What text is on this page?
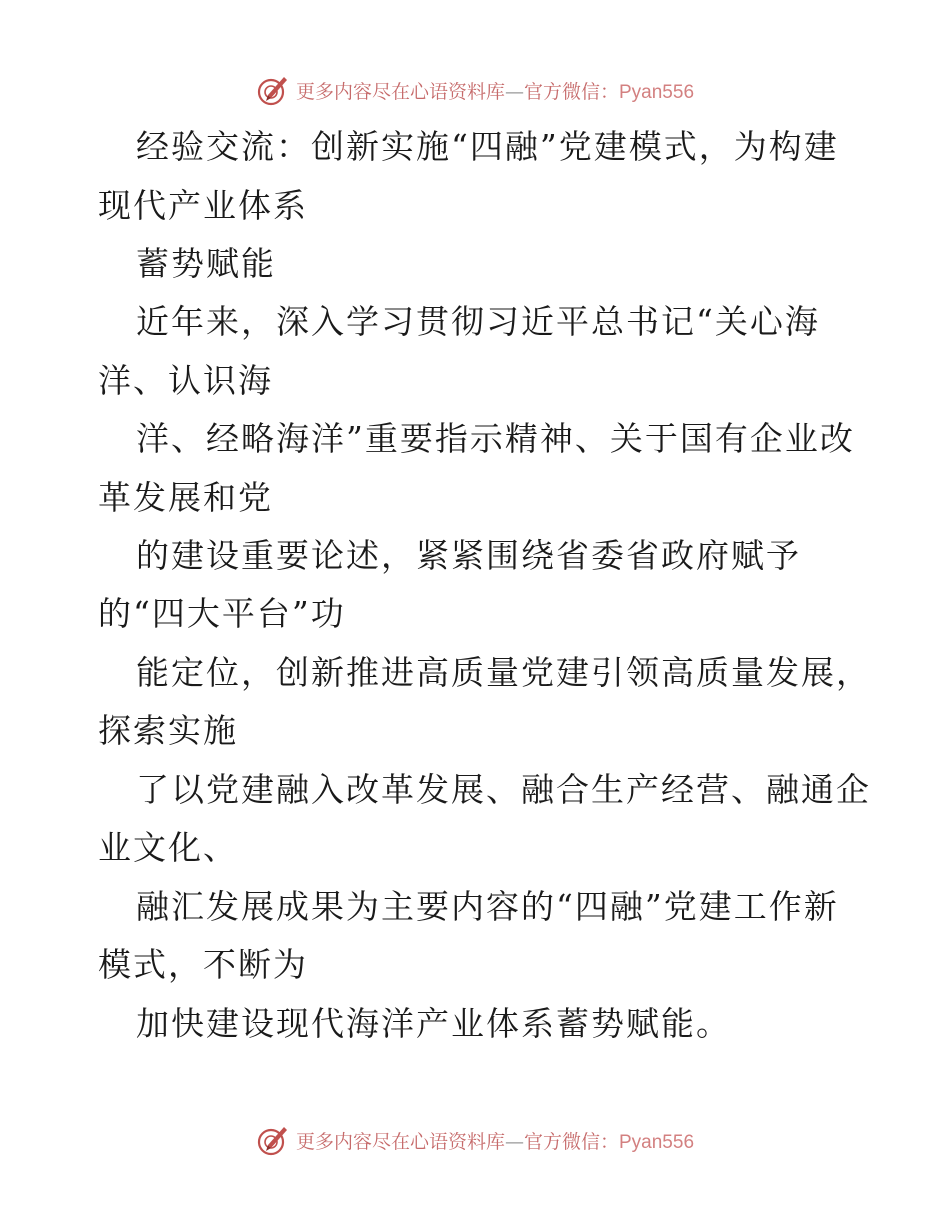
更多内容尽在心语资料库—官方微信：Pyan556
经验交流：创新实施“四融”党建模式，为构建
现代产业体系
蓄势赋能
近年来，深入学习贯彻习近平总书记“关心海
洋、认识海
洋、经略海洋”重要指示精神、关于国有企业改
革发展和党
的建设重要论述，紧紧围绕省委省政府赋予
的“四大平台”功
能定位，创新推进高质量党建引领高质量发展，
探索实施
了以党建融入改革发展、融合生产经营、融通企
业文化、
融汇发展成果为主要内容的“四融”党建工作新
模式，不断为
加快建设现代海洋产业体系蓄势赋能。
更多内容尽在心语资料库—官方微信：Pyan556
